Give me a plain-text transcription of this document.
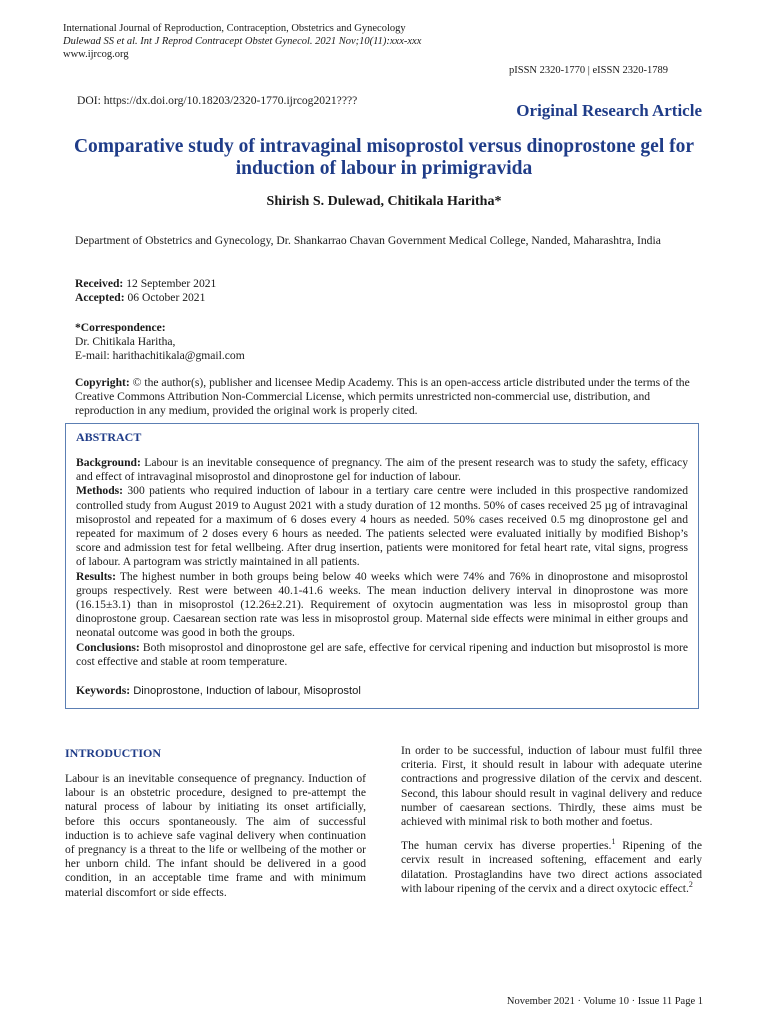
International Journal of Reproduction, Contraception, Obstetrics and Gynecology
Dulewad SS et al. Int J Reprod Contracept Obstet Gynecol. 2021 Nov;10(11):xxx-xxx
www.ijrcog.org
pISSN 2320-1770 | eISSN 2320-1789
DOI: https://dx.doi.org/10.18203/2320-1770.ijrcog2021????
Original Research Article
Comparative study of intravaginal misoprostol versus dinoprostone gel for induction of labour in primigravida
Shirish S. Dulewad, Chitikala Haritha*
Department of Obstetrics and Gynecology, Dr. Shankarrao Chavan Government Medical College, Nanded, Maharashtra, India
Received: 12 September 2021
Accepted: 06 October 2021
*Correspondence:
Dr. Chitikala Haritha,
E-mail: harithachitikala@gmail.com
Copyright: © the author(s), publisher and licensee Medip Academy. This is an open-access article distributed under the terms of the Creative Commons Attribution Non-Commercial License, which permits unrestricted non-commercial use, distribution, and reproduction in any medium, provided the original work is properly cited.
ABSTRACT
Background: Labour is an inevitable consequence of pregnancy. The aim of the present research was to study the safety, efficacy and effect of intravaginal misoprostol and dinoprostone gel for induction of labour.
Methods: 300 patients who required induction of labour in a tertiary care centre were included in this prospective randomized controlled study from August 2019 to August 2021 with a study duration of 12 months. 50% of cases received 25 µg of intravaginal misoprostol and repeated for a maximum of 6 doses every 4 hours as needed. 50% cases received 0.5 mg dinoprostone gel and repeated for maximum of 2 doses every 6 hours as needed. The patients selected were evaluated initially by modified Bishop’s score and admission test for fetal wellbeing. After drug insertion, patients were monitored for fetal heart rate, vital signs, progress of labour. A partogram was strictly maintained in all patients.
Results: The highest number in both groups being below 40 weeks which were 74% and 76% in dinoprostone and misoprostol groups respectively. Rest were between 40.1-41.6 weeks. The mean induction delivery interval in dinoprostone was more (16.15±3.1) than in misoprostol (12.26±2.21). Requirement of oxytocin augmentation was less in misoprostol group than dinoprostone group. Caesarean section rate was less in misoprostol group. Maternal side effects were minimal in either groups and neonatal outcome was good in both the groups.
Conclusions: Both misoprostol and dinoprostone gel are safe, effective for cervical ripening and induction but misoprostol is more cost effective and stable at room temperature.
Keywords: Dinoprostone, Induction of labour, Misoprostol
INTRODUCTION

Labour is an inevitable consequence of pregnancy. Induction of labour is an obstetric procedure, designed to pre-attempt the natural process of labour by initiating its onset artificially, before this occurs spontaneously. The aim of successful induction is to achieve safe vaginal delivery when continuation of pregnancy is a threat to the life or wellbeing of the mother or her unborn child. The infant should be delivered in a good condition, in an acceptable time frame and with minimum material discomfort or side effects.

In order to be successful, induction of labour must fulfil three criteria. First, it should result in labour with adequate uterine contractions and progressive dilation of the cervix and descent. Second, this labour should result in vaginal delivery and reduce number of caesarean sections. Thirdly, these aims must be achieved with minimal risk to both mother and foetus.

The human cervix has diverse properties.$^1$ Ripening of the cervix result in increased softening, effacement and early dilatation. Prostaglandins have two direct actions associated with labour ripening of the cervix and a direct oxytocic effect.$^2$

November 2021 · Volume 10 · Issue 11 Page 1
